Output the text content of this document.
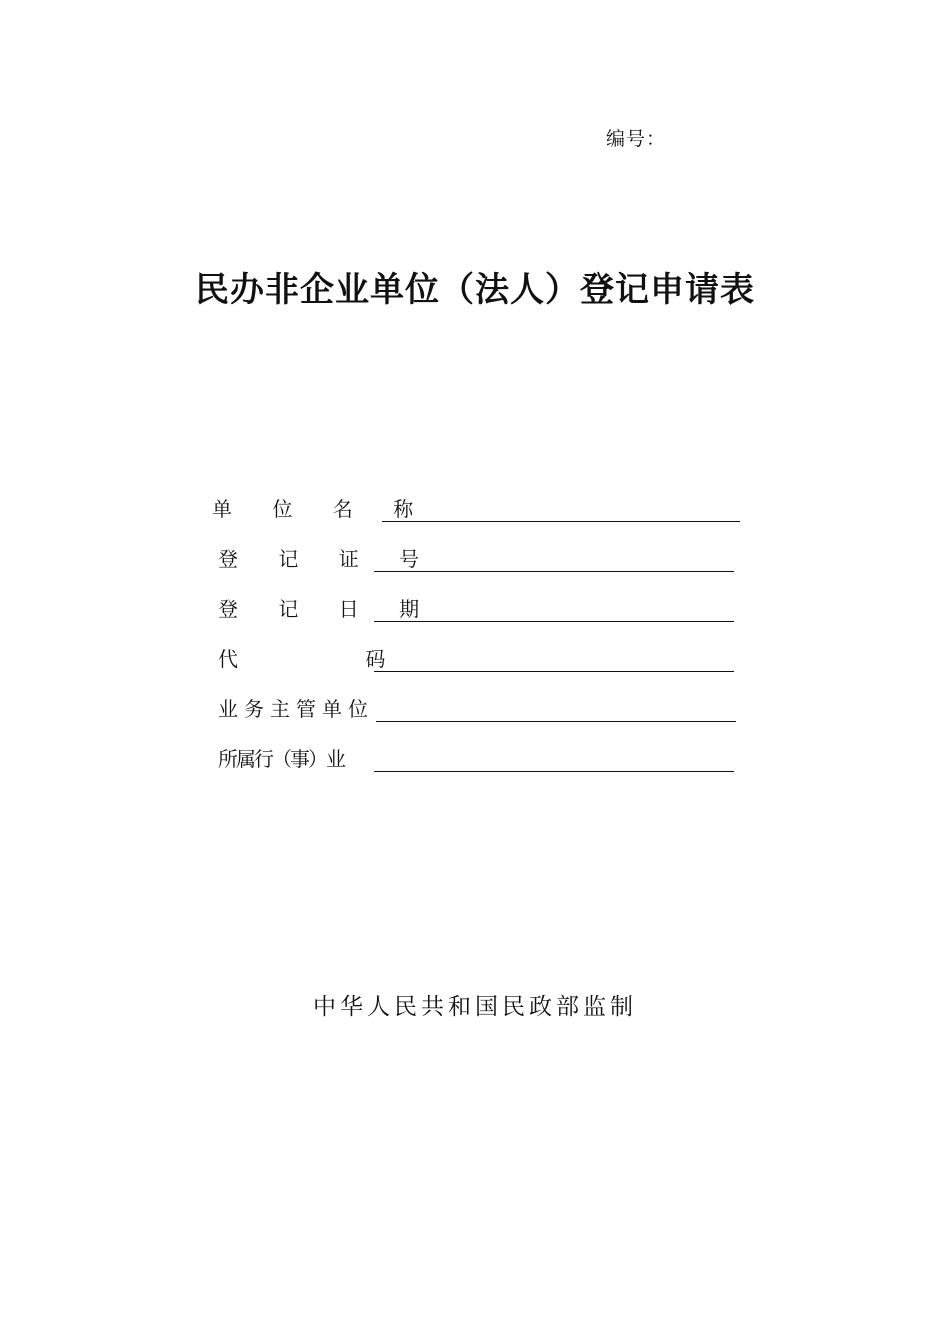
编号：
民办非企业单位（法人）登记申请表
单 位 名 称
登 记 证 号
登 记 日 期
代        码
业务主管单位
所属行（事）业
中华人民共和国民政部监制
